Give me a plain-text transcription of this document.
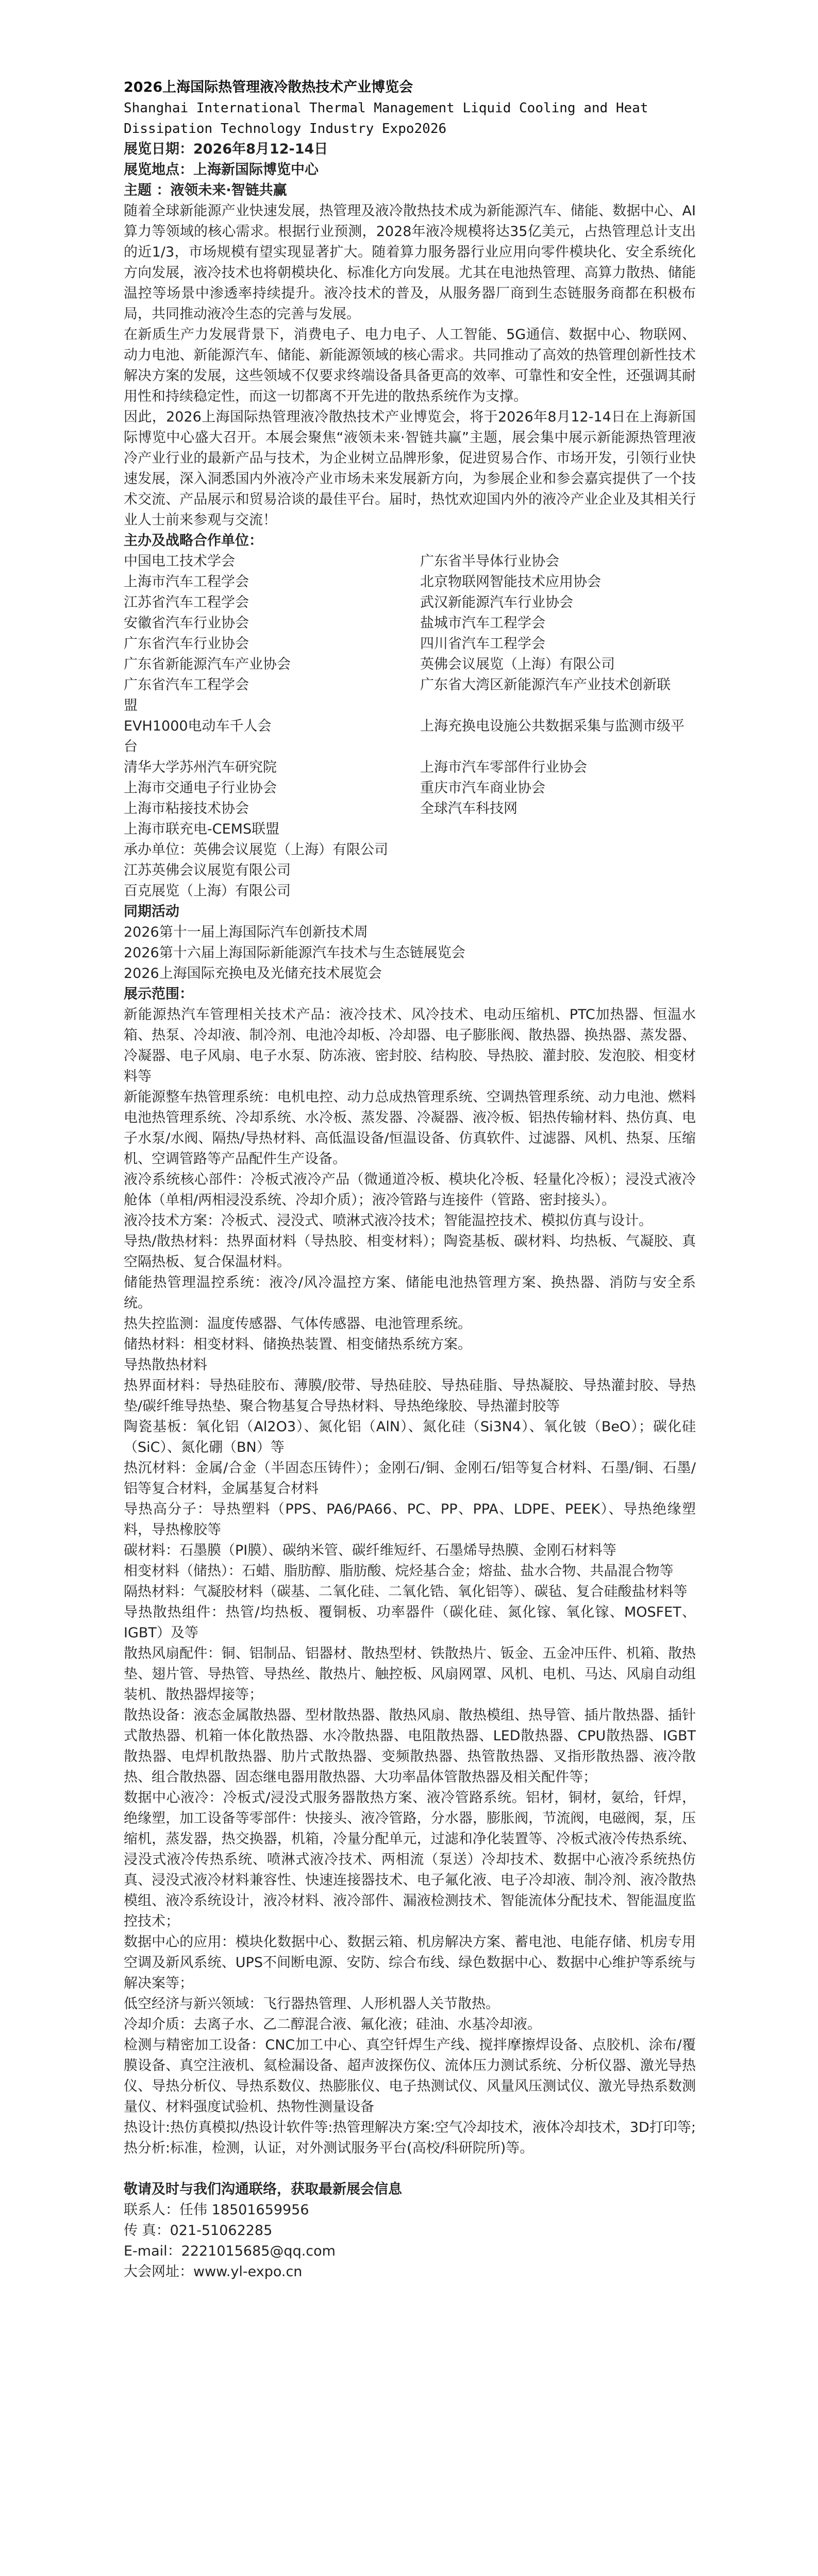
2026上海国际热管理液冷散热技术产业博览会
Shanghai International Thermal Management Liquid Cooling and Heat
Dissipation Technology Industry Expo2026
展览日期：2026年8月12-14日
展览地点：上海新国际博览中心
主题 ：液领未来·智链共赢

随着全球新能源产业快速发展，热管理及液冷散热技术成为新能源汽车、储能、数据中心、AI算力等领域的核心需求。根据行业预测，2028年液冷规模将达35亿美元，占热管理总计支出的近1/3，市场规模有望实现显著扩大。随着算力服务器行业应用向零件模块化、安全系统化方向发展，液冷技术也将朝模块化、标准化方向发展。尤其在电池热管理、高算力散热、储能温控等场景中渗透率持续提升。液冷技术的普及，从服务器厂商到生态链服务商都在积极布局，共同推动液冷生态的完善与发展。

在新质生产力发展背景下，消费电子、电力电子、人工智能、5G通信、数据中心、物联网、动力电池、新能源汽车、储能、新能源领域的核心需求。共同推动了高效的热管理创新性技术解决方案的发展，这些领域不仅要求终端设备具备更高的效率、可靠性和安全性，还强调其耐用性和持续稳定性，而这一切都离不开先进的散热系统作为支撑。

因此，2026上海国际热管理液冷散热技术产业博览会，将于2026年8月12-14日在上海新国际博览中心盛大召开。本展会聚焦“液领未来·智链共赢”主题，展会集中展示新能源热管理液冷产业行业的最新产品与技术，为企业树立品牌形象，促进贸易合作、市场开发，引领行业快速发展，深入洞悉国内外液冷产业市场未来发展新方向，为参展企业和参会嘉宾提供了一个技术交流、产品展示和贸易洽谈的最佳平台。届时，热忱欢迎国内外的液冷产业企业及其相关行业人士前来参观与交流！

主办及战略合作单位：
中国电工技术学会	广东省半导体行业协会
上海市汽车工程学会	北京物联网智能技术应用协会
江苏省汽车工程学会	武汉新能源汽车行业协会
安徽省汽车行业协会	盐城市汽车工程学会
广东省汽车行业协会	四川省汽车工程学会
广东省新能源汽车产业协会	英佛会议展览（上海）有限公司
广东省汽车工程学会	广东省大湾区新能源汽车产业技术创新联
盟
EVH1000电动车千人会	上海充换电设施公共数据采集与监测市级平
台
清华大学苏州汽车研究院	上海市汽车零部件行业协会
上海市交通电子行业协会	重庆市汽车商业协会
上海市粘接技术协会	全球汽车科技网
上海市联充电-CEMS联盟
承办单位：英佛会议展览（上海）有限公司
江苏英佛会议展览有限公司
百克展览（上海）有限公司
同期活动
2026第十一届上海国际汽车创新技术周
2026第十六届上海国际新能源汽车技术与生态链展览会
2026上海国际充换电及光储充技术展览会
展示范围：

新能源热汽车管理相关技术产品：液冷技术、风冷技术、电动压缩机、PTC加热器、恒温水箱、热泵、冷却液、制冷剂、电池冷却板、冷却器、电子膨胀阀、散热器、换热器、蒸发器、冷凝器、电子风扇、电子水泵、防冻液、密封胶、结构胶、导热胶、灌封胶、发泡胶、相变材料等

新能源整车热管理系统：电机电控、动力总成热管理系统、空调热管理系统、动力电池、燃料电池热管理系统、冷却系统、水冷板、蒸发器、冷凝器、液冷板、铝热传输材料、热仿真、电子水泵/水阀、隔热/导热材料、高低温设备/恒温设备、仿真软件、过滤器、风机、热泵、压缩机、空调管路等产品配件生产设备。

液冷系统核心部件：冷板式液冷产品（微通道冷板、模块化冷板、轻量化冷板）；浸没式液冷舱体（单相/两相浸没系统、冷却介质）；液冷管路与连接件（管路、密封接头）。

液冷技术方案：冷板式、浸没式、喷淋式液冷技术；智能温控技术、模拟仿真与设计。

导热/散热材料：热界面材料（导热胶、相变材料）；陶瓷基板、碳材料、均热板、气凝胶、真空隔热板、复合保温材料。

储能热管理温控系统：液冷/风冷温控方案、储能电池热管理方案、换热器、消防与安全系统。

热失控监测：温度传感器、气体传感器、电池管理系统。

储热材料：相变材料、储换热装置、相变储热系统方案。

导热散热材料

热界面材料：导热硅胶布、薄膜/胶带、导热硅胶、导热硅脂、导热凝胶、导热灌封胶、导热垫/碳纤维导热垫、聚合物基复合导热材料、导热绝缘胶、导热灌封胶等

陶瓷基板：氧化铝（Al2O3）、氮化铝（AlN）、氮化硅（Si3N4）、氧化铍（BeO）；碳化硅（SiC）、氮化硼（BN）等

热沉材料：金属/合金（半固态压铸件）；金刚石/铜、金刚石/铝等复合材料、石墨/铜、石墨/铝等复合材料，金属基复合材料

导热高分子：导热塑料（PPS、PA6/PA66、PC、PP、PPA、LDPE、PEEK）、导热绝缘塑料，导热橡胶等

碳材料：石墨膜（PI膜）、碳纳米管、碳纤维短纤、石墨烯导热膜、金刚石材料等

相变材料（储热）：石蜡、脂肪醇、脂肪酸、烷烃基合金；熔盐、盐水合物、共晶混合物等

隔热材料：气凝胶材料（碳基、二氧化硅、二氧化锆、氧化铝等）、碳毡、复合硅酸盐材料等

导热散热组件：热管/均热板、覆铜板、功率器件（碳化硅、氮化镓、氧化镓、MOSFET、IGBT）及等

散热风扇配件：铜、铝制品、铝器材、散热型材、铁散热片、钣金、五金冲压件、机箱、散热垫、翅片管、导热管、导热丝、散热片、触控板、风扇网罩、风机、电机、马达、风扇自动组装机、散热器焊接等；

散热设备：液态金属散热器、型材散热器、散热风扇、散热模组、热导管、插片散热器、插针式散热器、机箱一体化散热器、水冷散热器、电阻散热器、LED散热器、CPU散热器、IGBT散热器、电焊机散热器、肋片式散热器、变频散热器、热管散热器、叉指形散热器、液冷散热、组合散热器、固态继电器用散热器、大功率晶体管散热器及相关配件等；

数据中心液冷：冷板式/浸没式服务器散热方案、液冷管路系统。铝材，铜材，氨给，钎焊，绝缘塑，加工设备等零部件：快接头、液冷管路，分水器，膨胀阀，节流阀，电磁阀，泵，压缩机，蒸发器，热交换器，机箱，冷量分配单元，过滤和净化装置等、冷板式液冷传热系统、浸没式液冷传热系统、喷淋式液冷技术、两相流（泵送）冷却技术、数据中心液冷系统热仿真、浸没式液冷材料兼容性、快速连接器技术、电子氟化液、电子冷却液、制冷剂、液冷散热模组、液冷系统设计，液冷材料、液冷部件、漏液检测技术、智能流体分配技术、智能温度监控技术；

数据中心的应用：模块化数据中心、数据云箱、机房解决方案、蓄电池、电能存储、机房专用空调及新风系统、UPS不间断电源、安防、综合布线、绿色数据中心、数据中心维护等系统与解决案等；

低空经济与新兴领域：飞行器热管理、人形机器人关节散热。

冷却介质：去离子水、乙二醇混合液、氟化液；硅油、水基冷却液。

检测与精密加工设备：CNC加工中心、真空钎焊生产线、搅拌摩擦焊设备、点胶机、涂布/覆膜设备、真空注液机、氦检漏设备、超声波探伤仪、流体压力测试系统、分析仪器、激光导热仪、导热分析仪、导热系数仪、热膨胀仪、电子热测试仪、风量风压测试仪、激光导热系数测量仪、材料强度试验机、热物性测量设备

热设计:热仿真模拟/热设计软件等:热管理解决方案:空气冷却技术，液体冷却技术，3D打印等;热分析:标准，检测，认证，对外测试服务平台(高校/科研院所)等。

敬请及时与我们沟通联络，获取最新展会信息
联系人：任伟 18501659956
传 真：021-51062285
E-mail：2221015685@qq.com
大会网址：www.yl-expo.cn
